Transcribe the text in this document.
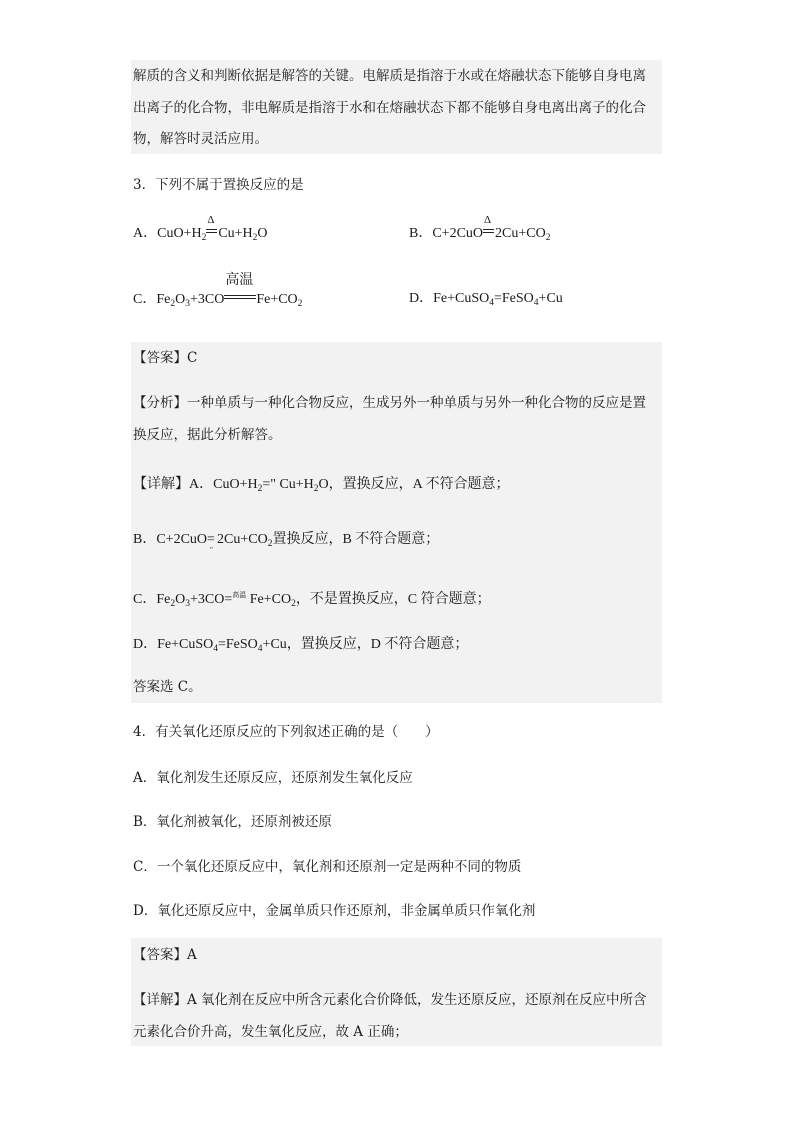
解质的含义和判断依据是解答的关键。电解质是指溶于水或在熔融状态下能够自身电离
出离子的化合物，非电解质是指溶于水和在熔融状态下都不能够自身电离出离子的化合
物，解答时灵活应用。
3．下列不属于置换反应的是
A．$CuO+H_2$
Δ
$Cu+H_2O$	B．C+2CuO
Δ
$2Cu+CO_2$
C．$Fe_2O_3+3CO$
高温
$Fe+CO_2$	D．Fe+CuSO$_4$=FeSO$_4$+Cu
【答案】C
【分析】一种单质与一种化合物反应，生成另外一种单质与另外一种化合物的反应是置
换反应，据此分析解答。
【详解】A．$CuO+H_2=$" $Cu+H_2O$，置换反应，A 不符合题意；
B．C+2CuO
"
= $2Cu+CO_2$置换反应，B 不符合题意；
C．$Fe_2O_3+3CO=^{高温}$ $Fe+CO_2$，不是置换反应，C 符合题意；
D．Fe+CuSO$_4$=FeSO$_4$+Cu，置换反应，D 不符合题意；
答案选 C。
4．有关氧化还原反应的下列叙述正确的是（　　）
A．氧化剂发生还原反应，还原剂发生氧化反应
B．氧化剂被氧化，还原剂被还原
C．一个氧化还原反应中，氧化剂和还原剂一定是两种不同的物质
D．氧化还原反应中，金属单质只作还原剂，非金属单质只作氧化剂
【答案】A
【详解】A 氧化剂在反应中所含元素化合价降低，发生还原反应，还原剂在反应中所含
元素化合价升高，发生氧化反应，故 A 正确；
